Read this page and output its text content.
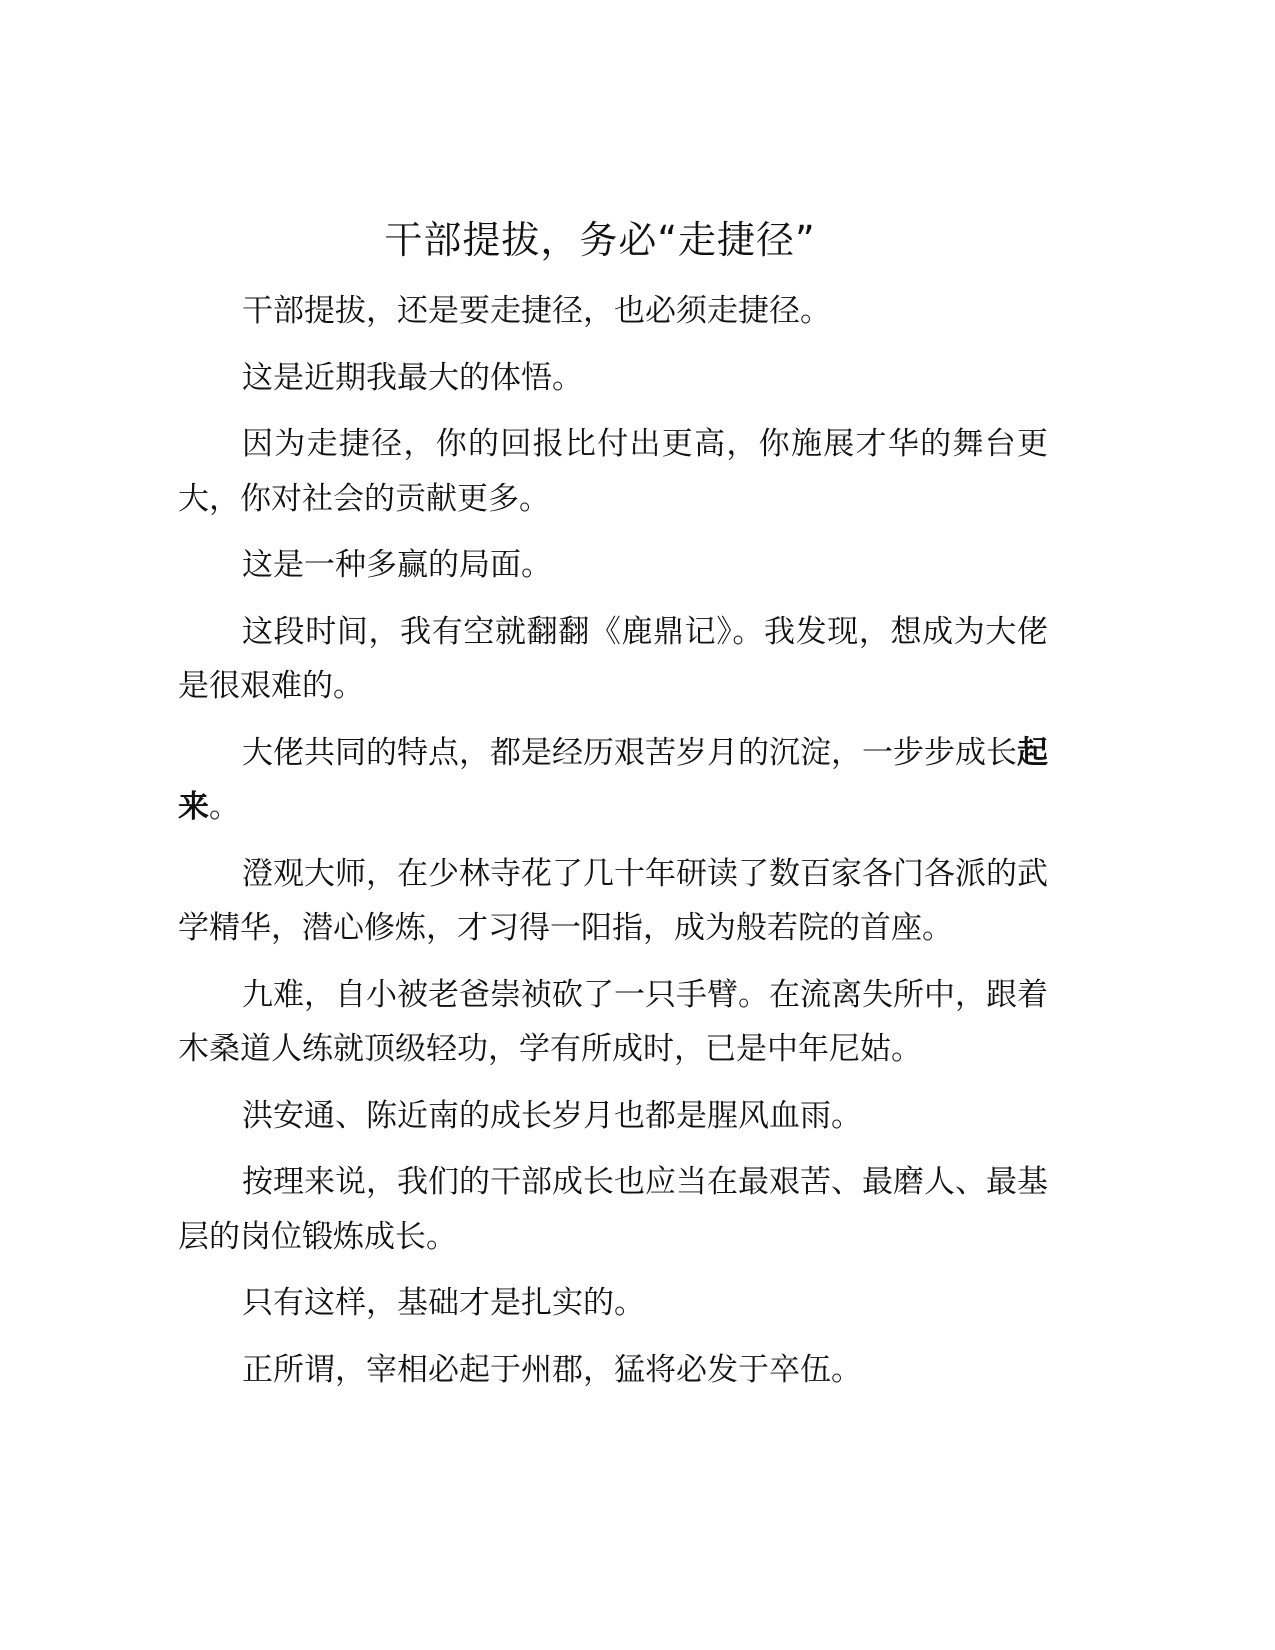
干部提拔，务必“走捷径”

干部提拔，还是要走捷径，也必须走捷径。

这是近期我最大的体悟。

因为走捷径，你的回报比付出更高，你施展才华的舞台更大，你对社会的贡献更多。

这是一种多赢的局面。

这段时间，我有空就翻翻《鹿鼎记》。我发现，想成为大佬是很艰难的。

大佬共同的特点，都是经历艰苦岁月的沉淀，一步步成长起来。

澄观大师，在少林寺花了几十年研读了数百家各门各派的武学精华，潜心修炼，才习得一阳指，成为般若院的首座。

九难，自小被老爸崇祯砍了一只手臂。在流离失所中，跟着木桑道人练就顶级轻功，学有所成时，已是中年尼姑。

洪安通、陈近南的成长岁月也都是腥风血雨。

按理来说，我们的干部成长也应当在最艰苦、最磨人、最基层的岗位锻炼成长。

只有这样，基础才是扎实的。

正所谓，宰相必起于州郡，猛将必发于卒伍。
